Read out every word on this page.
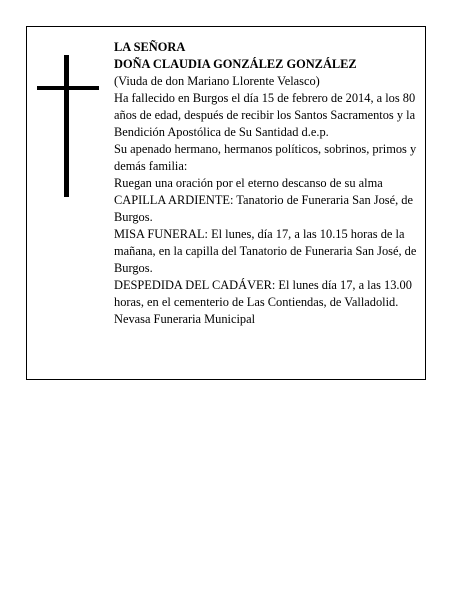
LA SEÑORA

DOÑA CLAUDIA GONZÁLEZ GONZÁLEZ

(Viuda de don Mariano Llorente Velasco)

Ha fallecido en Burgos el día 15 de febrero de 2014, a los 80 años de edad, después de recibir los Santos Sacramentos y la Bendición Apostólica de Su Santidad d.e.p.

Su apenado hermano, hermanos políticos, sobrinos, primos y demás familia:

Ruegan una oración por el eterno descanso de su alma

CAPILLA ARDIENTE: Tanatorio de Funeraria San José, de Burgos.

MISA FUNERAL: El lunes, día 17, a las 10.15 horas de la mañana, en la capilla del Tanatorio de Funeraria San José, de Burgos.

DESPEDIDA DEL CADÁVER: El lunes día 17, a las 13.00 horas, en el cementerio de Las Contiendas, de Valladolid.

Nevasa Funeraria Municipal
